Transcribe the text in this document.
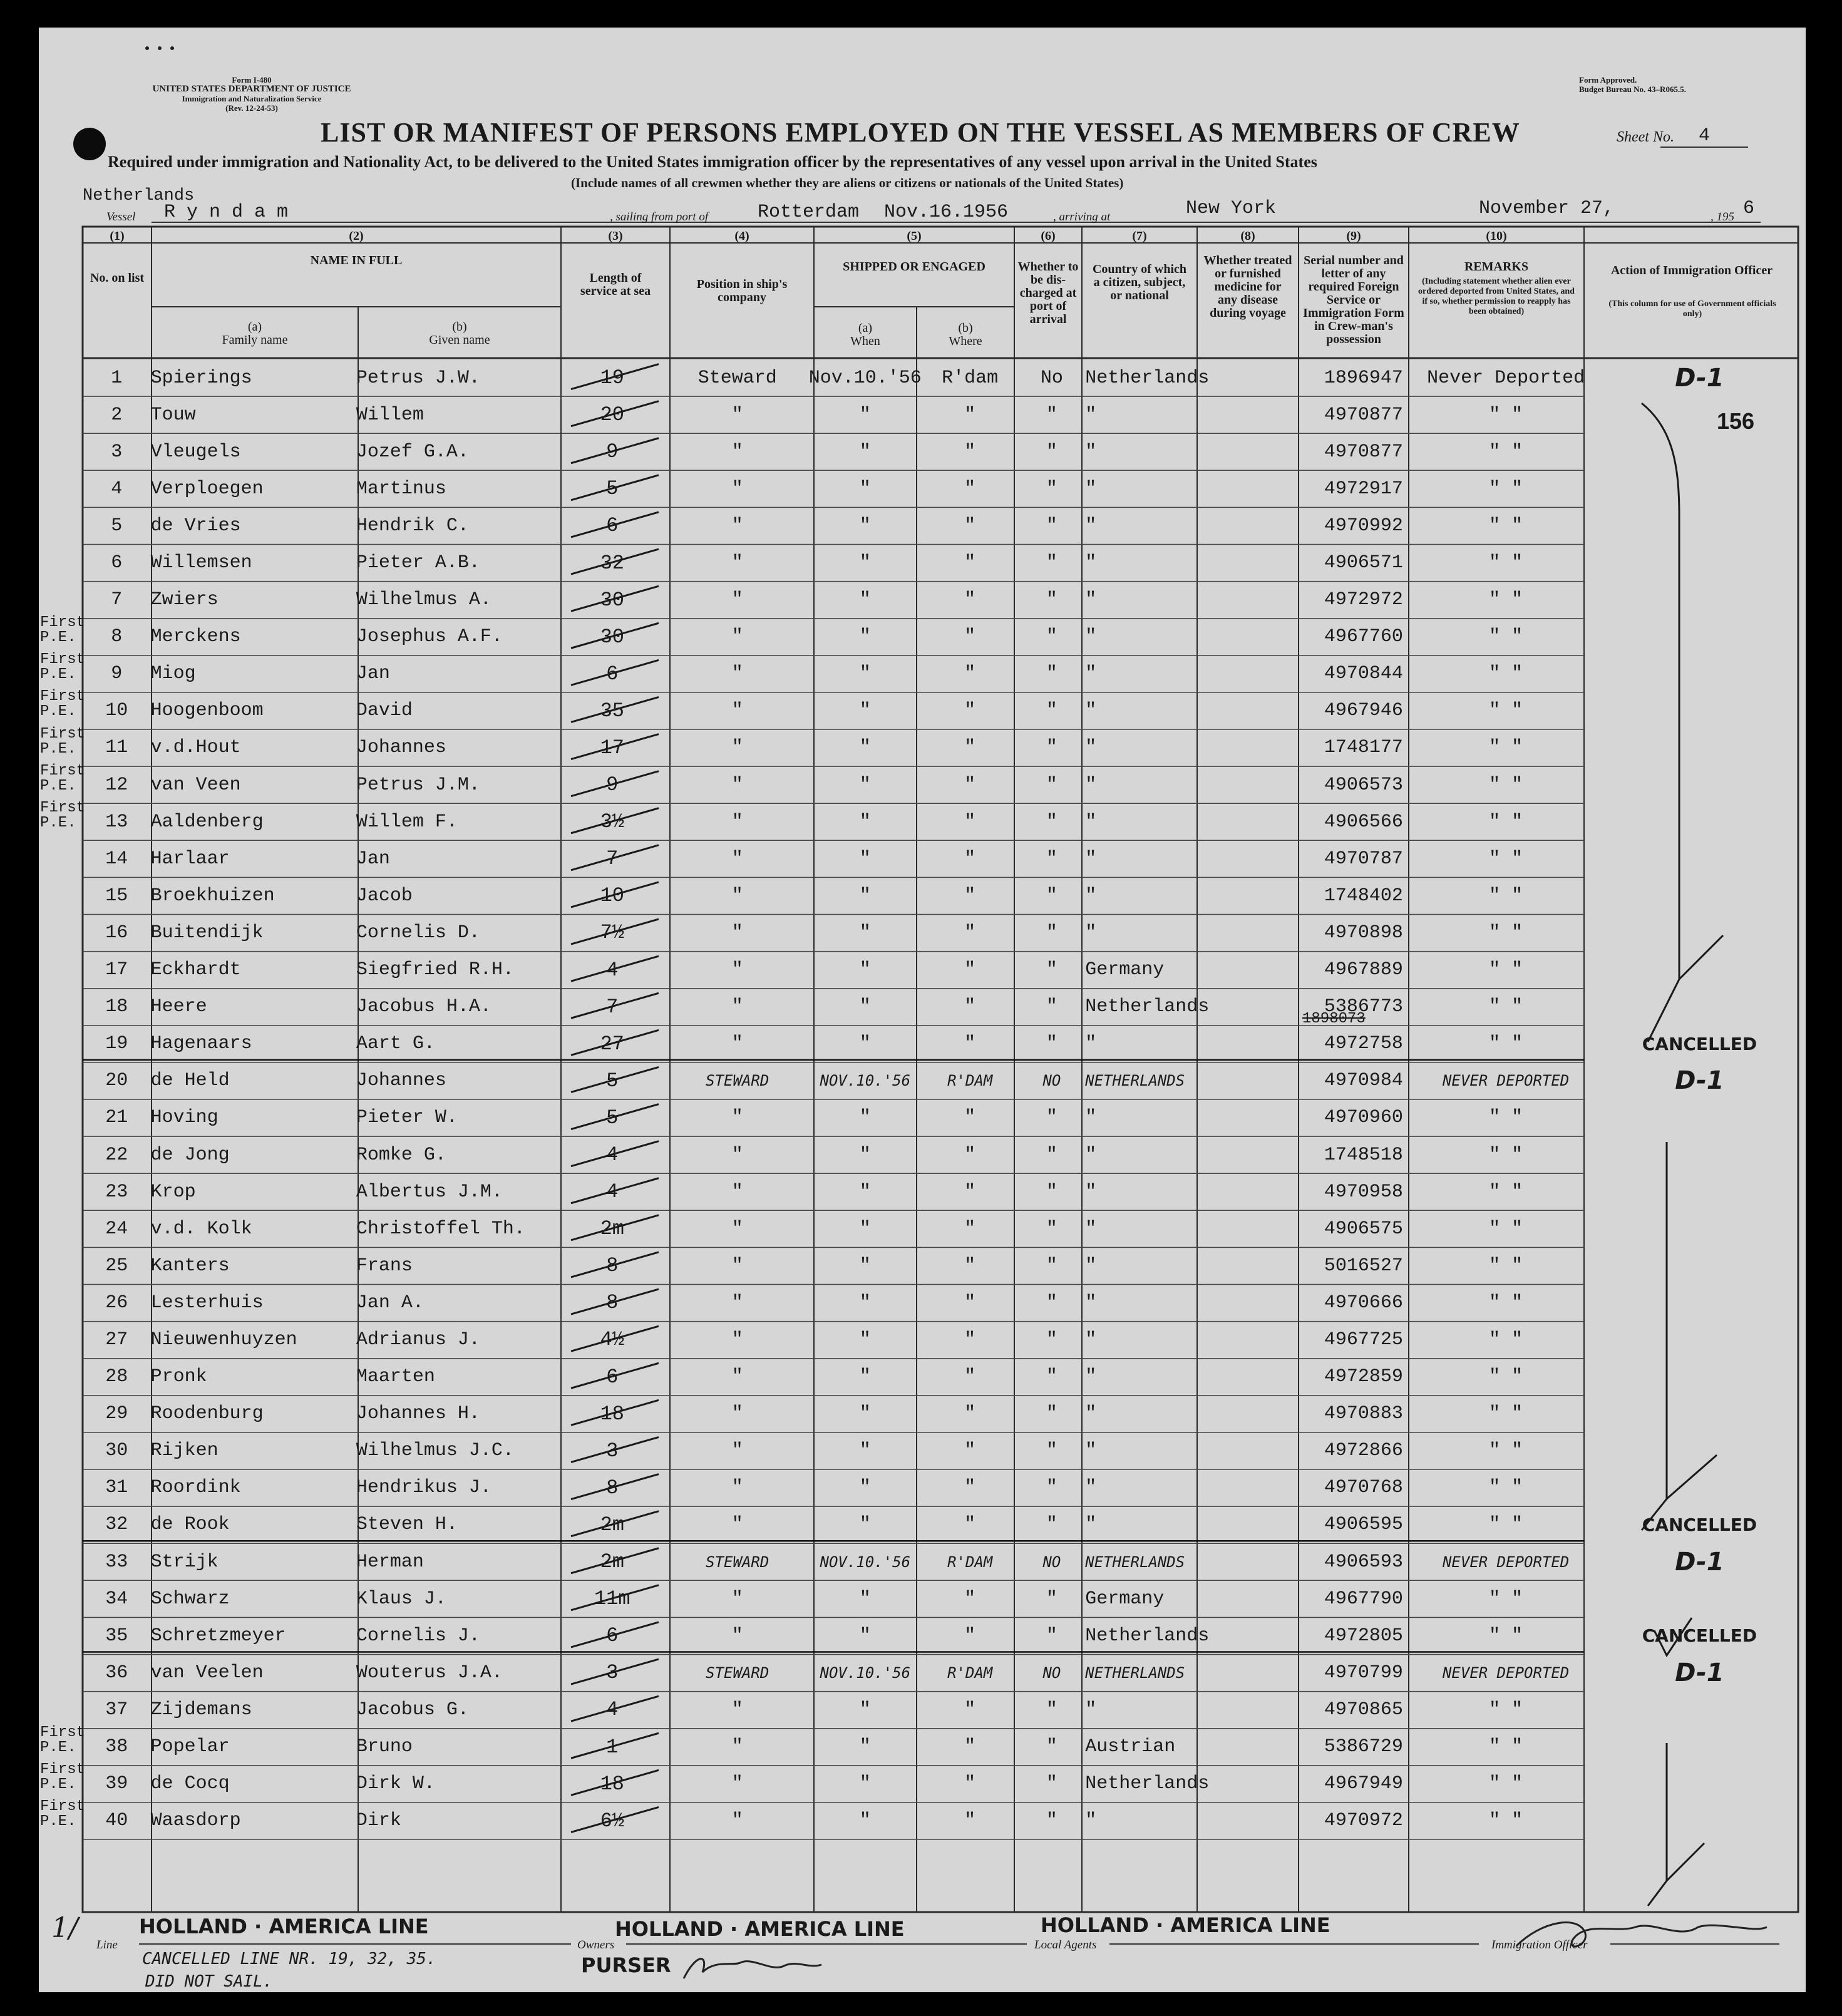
Form I-480
UNITED STATES DEPARTMENT OF JUSTICE
Immigration and Naturalization Service
(Rev. 12-24-53)
Form Approved.
Budget Bureau No. 43–R065.5.
LIST OR MANIFEST OF PERSONS EMPLOYED ON THE VESSEL AS MEMBERS OF CREW	Sheet No.	4
Required under immigration and Nationality Act, to be delivered to the United States immigration officer by the representatives of any vessel upon arrival in the United States
(Include names of all crewmen whether they are aliens or citizens or nationals of the United States)
Netherlands
Vessel R y n d a m	, sailing from port of	Rotterdam Nov.16.1956	, arriving at	New York	November 27,	, 195 6
(1)	(2)	(3)	(4)	(5)	(6)	(7)	(8)	(9)	(10)
No. on list
NAME IN FULL
(a)
Family name
(b)
Given name
Length of service at sea	Position in ship's company
SHIPPED OR ENGAGED
(a)
When
(b)
Where
Whether to be dis-charged at port of arrival
Country of which a citizen, subject, or national
Whether treated or furnished medicine for any disease during voyage
Serial number and letter of any required Foreign Service or Immigration Form in Crew-man's possession
REMARKS
(Including statement whether alien ever ordered deported from United States, and if so, whether permission to reapply has been obtained)
Action of Immigration Officer
(This column for use of Government officials only)
1	Spierings	Petrus J.W.	19	Steward	Nov.10.'56	R'dam	No	Netherlands		1896947	Never Deported	D-1
2	Touw	Willem	20	"	"	"	"	"		4970877	" "	
3	Vleugels	Jozef G.A.	9	"	"	"	"	"		4970877	" "	
4	Verploegen	Martinus	5	"	"	"	"	"		4972917	" "	
5	de Vries	Hendrik C.	6	"	"	"	"	"		4970992	" "	
6	Willemsen	Pieter A.B.	32	"	"	"	"	"		4906571	" "	
7	Zwiers	Wilhelmus A.	30	"	"	"	"	"		4972972	" "	
8	Merckens	Josephus A.F.	30	"	"	"	"	"		4967760	" "	
9	Miog	Jan	6	"	"	"	"	"		4970844	" "	
10	Hoogenboom	David	35	"	"	"	"	"		4967946	" "	
11	v.d.Hout	Johannes	17	"	"	"	"	"		1748177	" "	
12	van Veen	Petrus J.M.	9	"	"	"	"	"		4906573	" "	
13	Aaldenberg	Willem F.	3½	"	"	"	"	"		4906566	" "	
14	Harlaar	Jan	7	"	"	"	"	"		4970787	" "	
15	Broekhuizen	Jacob	10	"	"	"	"	"		1748402	" "	
16	Buitendijk	Cornelis D.	7½	"	"	"	"	"		4970898	" "	
17	Eckhardt	Siegfried R.H.	4	"	"	"	"	Germany		4967889	" "	
18	Heere	Jacobus H.A.	7	"	"	"	"	Netherlands		5386773	" "	
19	Hagenaars	Aart G.	27	"	"	"	"	"		4972758	" "	CANCELLED
20	de Held	Johannes	5	STEWARD	NOV.10.'56	R'DAM	NO	NETHERLANDS		4970984	NEVER DEPORTED	D-1
21	Hoving	Pieter W.	5	"	"	"	"	"		4970960	" "	
22	de Jong	Romke G.	4	"	"	"	"	"		1748518	" "	
23	Krop	Albertus J.M.	4	"	"	"	"	"		4970958	" "	
24	v.d. Kolk	Christoffel Th.	2m	"	"	"	"	"		4906575	" "	
25	Kanters	Frans	8	"	"	"	"	"		5016527	" "	
26	Lesterhuis	Jan A.	8	"	"	"	"	"		4970666	" "	
27	Nieuwenhuyzen	Adrianus J.	4½	"	"	"	"	"		4967725	" "	
28	Pronk	Maarten	6	"	"	"	"	"		4972859	" "	
29	Roodenburg	Johannes H.	18	"	"	"	"	"		4970883	" "	
30	Rijken	Wilhelmus J.C.	3	"	"	"	"	"		4972866	" "	
31	Roordink	Hendrikus J.	8	"	"	"	"	"		4970768	" "	
32	de Rook	Steven H.	2m	"	"	"	"	"		4906595	" "	CANCELLED
33	Strijk	Herman	2m	STEWARD	NOV.10.'56	R'DAM	NO	NETHERLANDS		4906593	NEVER DEPORTED	D-1
34	Schwarz	Klaus J.	11m	"	"	"	"	Germany		4967790	" "	
35	Schretzmeyer	Cornelis J.	6	"	"	"	"	Netherlands		4972805	" "	CANCELLED
36	van Veelen	Wouterus J.A.	3	STEWARD	NOV.10.'56	R'DAM	NO	NETHERLANDS		4970799	NEVER DEPORTED	D-1
37	Zijdemans	Jacobus G.	4	"	"	"	"	"		4970865	" "	
38	Popelar	Bruno	1	"	"	"	"	Austrian		5386729	" "	
39	de Cocq	Dirk W.	18	"	"	"	"	Netherlands		4967949	" "	
40	Waasdorp	Dirk	6½	"	"	"	"	"		4970972	" "	
First P.E.
First P.E.
First P.E.
First P.E.
First P.E.
First P.E.
First P.E.
First P.E.
First P.E.
156
1898073
Line
HOLLAND · AMERICA LINE
Owners
HOLLAND · AMERICA LINE
Local Agents
HOLLAND · AMERICA LINE
Immigration Officer
CANCELLED LINE NR. 19, 32, 35.
DID NOT SAIL.
PURSER
1/
